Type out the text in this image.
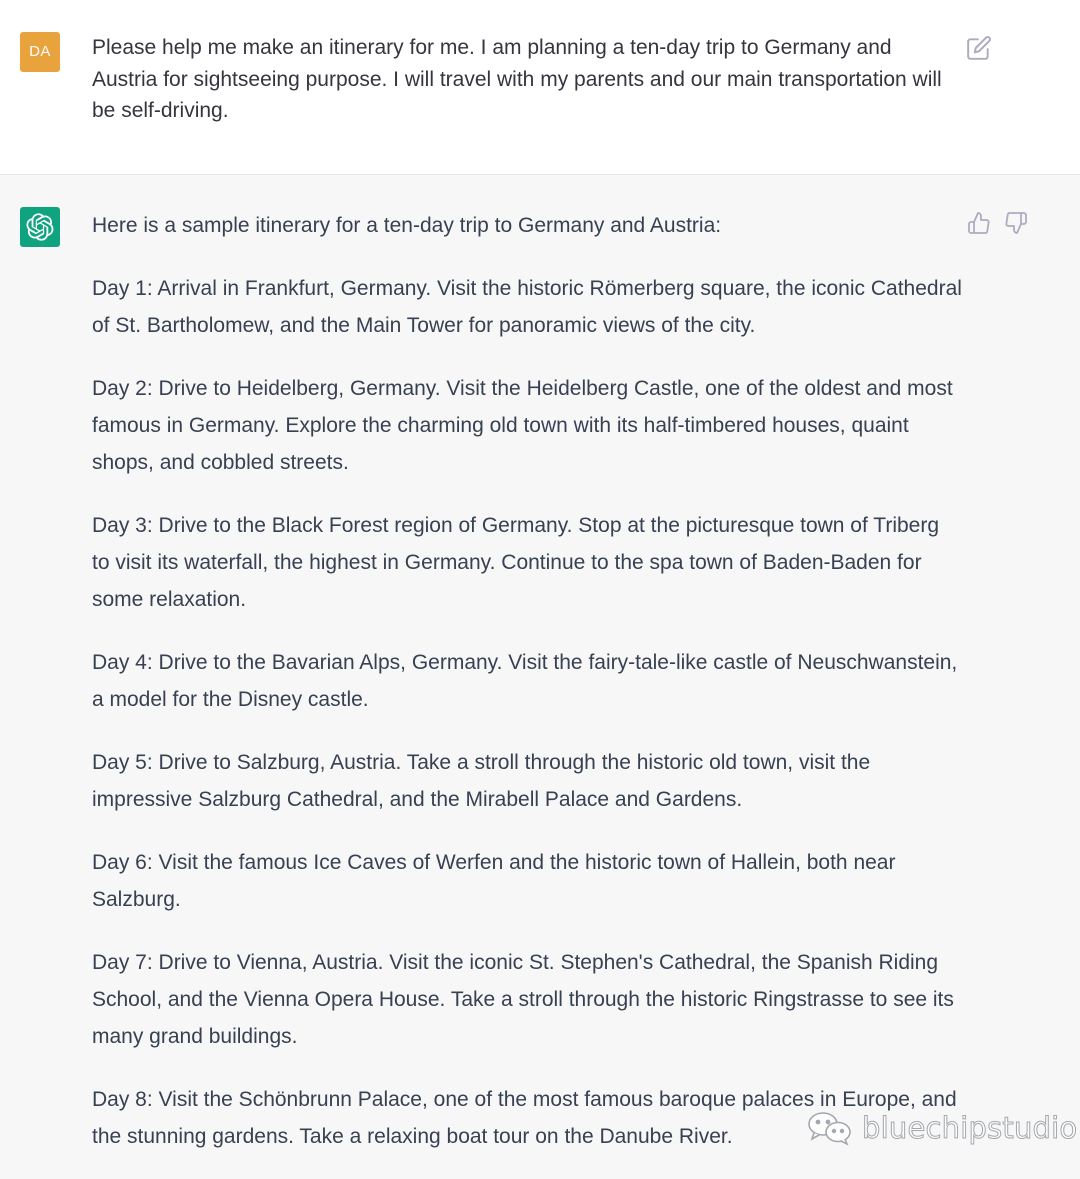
DA	Please help me make an itinerary for me. I am planning a ten-day trip to Germany and Austria for sightseeing purpose. I will travel with my parents and our main transportation will be self-driving.

Here is a sample itinerary for a ten-day trip to Germany and Austria:

Day 1: Arrival in Frankfurt, Germany. Visit the historic Römerberg square, the iconic Cathedral of St. Bartholomew, and the Main Tower for panoramic views of the city.

Day 2: Drive to Heidelberg, Germany. Visit the Heidelberg Castle, one of the oldest and most famous in Germany. Explore the charming old town with its half-timbered houses, quaint shops, and cobbled streets.

Day 3: Drive to the Black Forest region of Germany. Stop at the picturesque town of Triberg to visit its waterfall, the highest in Germany. Continue to the spa town of Baden-Baden for some relaxation.

Day 4: Drive to the Bavarian Alps, Germany. Visit the fairy-tale-like castle of Neuschwanstein, a model for the Disney castle.

Day 5: Drive to Salzburg, Austria. Take a stroll through the historic old town, visit the impressive Salzburg Cathedral, and the Mirabell Palace and Gardens.

Day 6: Visit the famous Ice Caves of Werfen and the historic town of Hallein, both near Salzburg.

Day 7: Drive to Vienna, Austria. Visit the iconic St. Stephen's Cathedral, the Spanish Riding School, and the Vienna Opera House. Take a stroll through the historic Ringstrasse to see its many grand buildings.

Day 8: Visit the Schönbrunn Palace, one of the most famous baroque palaces in Europe, and the stunning gardens. Take a relaxing boat tour on the Danube River.	bluechipstudio
